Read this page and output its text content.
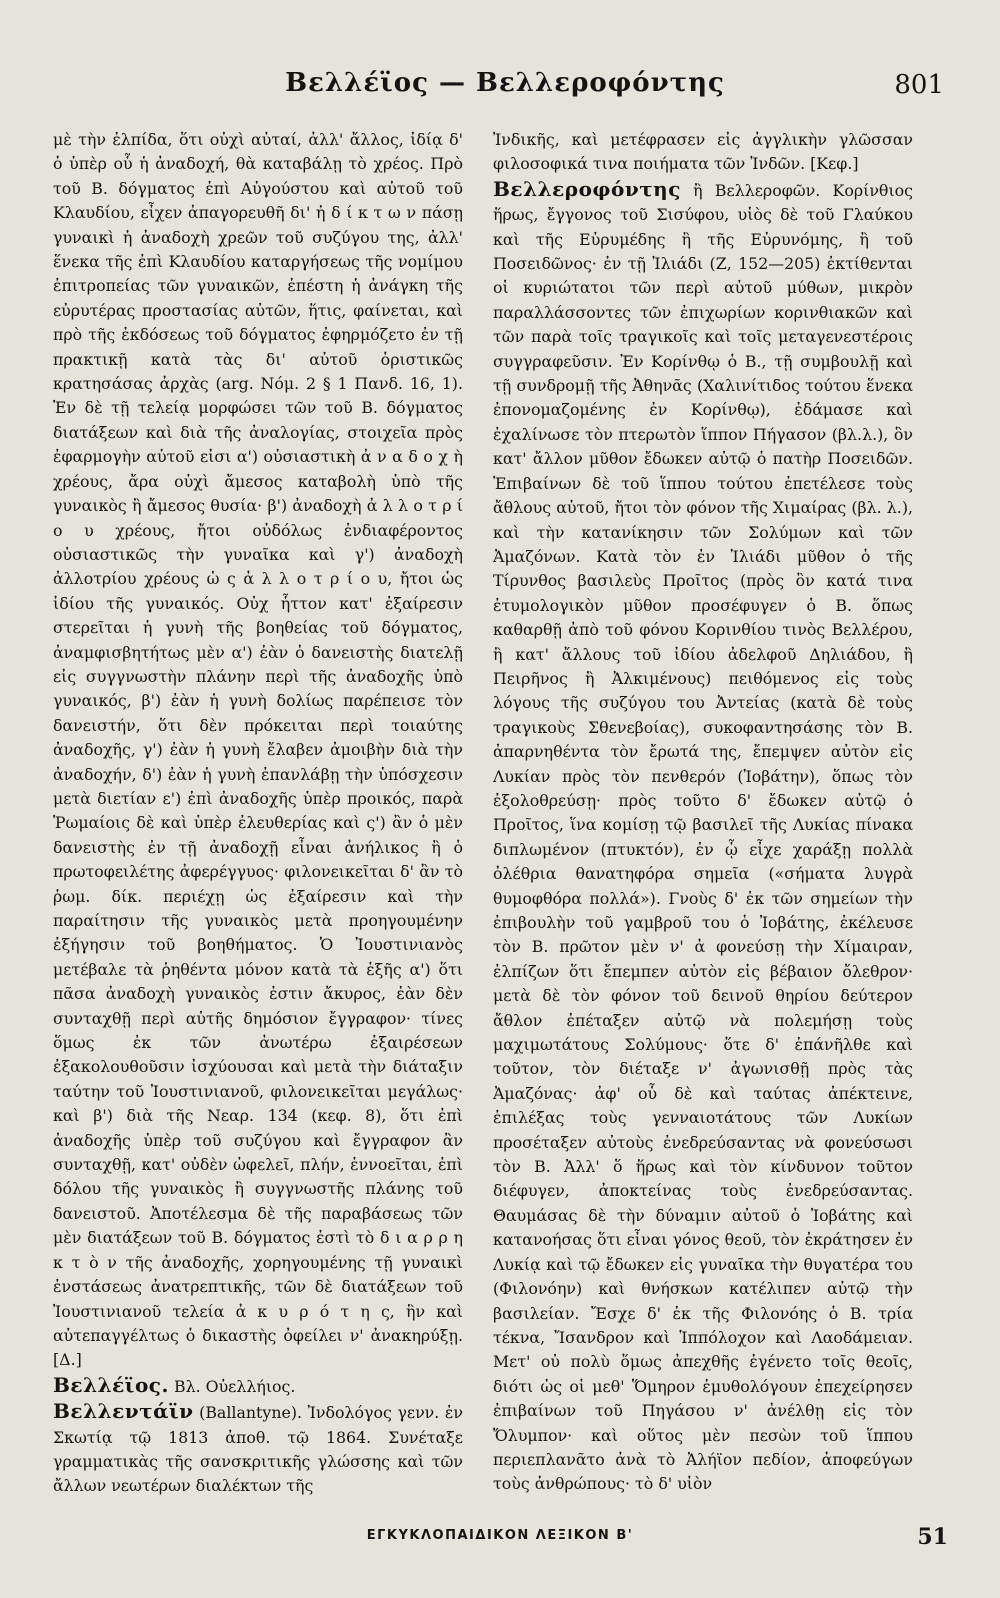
Βελλέϊος — Βελλεροφόντης	801

μὲ τὴν ἐλπίδα, ὅτι οὐχὶ αὐταί, ἀλλ' ἄλλος, ἰδίᾳ δ' ὁ ὑπὲρ οὗ ἡ ἀναδοχή, θὰ καταβάλῃ τὸ χρέος. Πρὸ τοῦ Β. δόγματος ἐπὶ Αὐγούστου καὶ αὐτοῦ τοῦ Κλαυδίου, εἶχεν ἀπαγορευθῆ δι' ἠ δ ί κ τ ω ν πάσῃ γυναικὶ ἡ ἀναδοχὴ χρεῶν τοῦ συζύγου της, ἀλλ' ἕνεκα τῆς ἐπὶ Κλαυδίου καταργήσεως τῆς νομίμου ἐπιτροπείας τῶν γυναικῶν, ἐπέστη ἡ ἀνάγκη τῆς εὐρυτέρας προστασίας αὐτῶν, ἥτις, φαίνεται, καὶ πρὸ τῆς ἐκδόσεως τοῦ δόγματος ἐφηρμόζετο ἐν τῇ πρακτικῇ κατὰ τὰς δι' αὐτοῦ ὁριστικῶς κρατησάσας ἀρχὰς (arg. Νόμ. 2 § 1 Πανδ. 16, 1). Ἐν δὲ τῇ τελείᾳ μορφώσει τῶν τοῦ Β. δόγματος διατάξεων καὶ διὰ τῆς ἀναλογίας, στοιχεῖα πρὸς ἐφαρμογὴν αὐτοῦ εἰσι α') οὐσιαστικὴ ἀ ν α δ ο χ ὴ χρέους, ἄρα οὐχὶ ἄμεσος καταβολὴ ὑπὸ τῆς γυναικὸς ἢ ἄμεσος θυσία· β') ἀναδοχὴ ἀ λ λ ο τ ρ ί ο υ χρέους, ἤτοι οὐδόλως ἐνδιαφέροντος οὐσιαστικῶς τὴν γυναῖκα καὶ γ') ἀναδοχὴ ἀλλοτρίου χρέους ὡ ς ἀ λ λ ο τ ρ ί ο υ, ἤτοι ὡς ἰδίου τῆς γυναικός. Οὐχ ἧττον κατ' ἐξαίρεσιν στερεῖται ἡ γυνὴ τῆς βοηθείας τοῦ δόγματος, ἀναμφισβητήτως μὲν α') ἐὰν ὁ δανειστὴς διατελῇ εἰς συγγνωστὴν πλάνην περὶ τῆς ἀναδοχῆς ὑπὸ γυναικός, β') ἐὰν ἡ γυνὴ δολίως παρέπεισε τὸν δανειστήν, ὅτι δὲν πρόκειται περὶ τοιαύτης ἀναδοχῆς, γ') ἐὰν ἡ γυνὴ ἔλαβεν ἀμοιβὴν διὰ τὴν ἀναδοχήν, δ') ἐὰν ἡ γυνὴ ἐπανλάβῃ τὴν ὑπόσχεσιν μετὰ διετίαν ε') ἐπὶ ἀναδοχῆς ὑπὲρ προικός, παρὰ Ῥωμαίοις δὲ καὶ ὑπὲρ ἐλευθερίας καὶ ς') ἂν ὁ μὲν δανειστὴς ἐν τῇ ἀναδοχῇ εἶναι ἀνήλικος ἢ ὁ πρωτοφειλέτης ἀφερέγγυος· φιλονεικεῖται δ' ἂν τὸ ῥωμ. δίκ. περιέχῃ ὡς ἐξαίρεσιν καὶ τὴν παραίτησιν τῆς γυναικὸς μετὰ προηγουμένην ἐξήγησιν τοῦ βοηθήματος. Ὁ Ἰουστινιανὸς μετέβαλε τὰ ῥηθέντα μόνον κατὰ τὰ ἑξῆς α') ὅτι πᾶσα ἀναδοχὴ γυναικὸς ἐστιν ἄκυρος, ἐὰν δὲν συνταχθῇ περὶ αὐτῆς δημόσιον ἔγγραφον· τίνες ὅμως ἐκ τῶν ἀνωτέρω ἐξαιρέσεων ἐξακολουθοῦσιν ἰσχύουσαι καὶ μετὰ τὴν διάταξιν ταύτην τοῦ Ἰουστινιανοῦ, φιλονεικεῖται μεγάλως· καὶ β') διὰ τῆς Νεαρ. 134 (κεφ. 8), ὅτι ἐπὶ ἀναδοχῆς ὑπὲρ τοῦ συζύγου καὶ ἔγγραφον ἂν συνταχθῇ, κατ' οὐδὲν ὠφελεῖ, πλήν, ἐννοεῖται, ἐπὶ δόλου τῆς γυναικὸς ἢ συγγνωστῆς πλάνης τοῦ δανειστοῦ. Ἀποτέλεσμα δὲ τῆς παραβάσεως τῶν μὲν διατάξεων τοῦ Β. δόγματος ἐστὶ τὸ δ ι α ρ ρ η κ τ ὸ ν τῆς ἀναδοχῆς, χορηγουμένης τῇ γυναικὶ ἐνστάσεως ἀνατρεπτικῆς, τῶν δὲ διατάξεων τοῦ Ἰουστινιανοῦ τελεία ἀ κ υ ρ ό τ η ς, ἣν καὶ αὐτεπαγγέλτως ὁ δικαστὴς ὀφείλει ν' ἀνακηρύξῃ. [Δ.]

Βελλέϊος. Βλ. Οὐελλήιος.

Βελλεντάϊν (Ballantyne). Ἰνδολόγος γενν. ἐν Σκωτίᾳ τῷ 1813 ἀποθ. τῷ 1864. Συνέταξε γραμματικὰς τῆς σανσκριτικῆς γλώσσης καὶ τῶν ἄλλων νεωτέρων διαλέκτων τῆς

Ἰνδικῆς, καὶ μετέφρασεν εἰς ἀγγλικὴν γλῶσσαν φιλοσοφικά τινα ποιήματα τῶν Ἰνδῶν. [Κεφ.]

Βελλεροφόντης ἢ Βελλεροφῶν. Κορίνθιος ἥρως, ἔγγονος τοῦ Σισύφου, υἱὸς δὲ τοῦ Γλαύκου καὶ τῆς Εὐρυμέδης ἢ τῆς Εὐρυνόμης, ἢ τοῦ Ποσειδῶνος· ἐν τῇ Ἰλιάδι (Ζ, 152—205) ἐκτίθενται οἱ κυριώτατοι τῶν περὶ αὐτοῦ μύθων, μικρὸν παραλλάσσοντες τῶν ἐπιχωρίων κορινθιακῶν καὶ τῶν παρὰ τοῖς τραγικοῖς καὶ τοῖς μεταγενεστέροις συγγραφεῦσιν. Ἐν Κορίνθῳ ὁ Β., τῇ συμβουλῇ καὶ τῇ συνδρομῇ τῆς Ἀθηνᾶς (Χαλινίτιδος τούτου ἕνεκα ἐπονομαζομένης ἐν Κορίνθῳ), ἐδάμασε καὶ ἐχαλίνωσε τὸν πτερωτὸν ἵππον Πήγασον (βλ.λ.), ὃν κατ' ἄλλον μῦθον ἔδωκεν αὐτῷ ὁ πατὴρ Ποσειδῶν. Ἐπιβαίνων δὲ τοῦ ἵππου τούτου ἐπετέλεσε τοὺς ἄθλους αὐτοῦ, ἤτοι τὸν φόνον τῆς Χιμαίρας (βλ. λ.), καὶ τὴν κατανίκησιν τῶν Σολύμων καὶ τῶν Ἀμαζόνων. Κατὰ τὸν ἐν Ἰλιάδι μῦθον ὁ τῆς Τίρυνθος βασιλεὺς Προῖτος (πρὸς ὃν κατά τινα ἐτυμολογικὸν μῦθον προσέφυγεν ὁ Β. ὅπως καθαρθῇ ἀπὸ τοῦ φόνου Κορινθίου τινὸς Βελλέρου, ἢ κατ' ἄλλους τοῦ ἰδίου ἀδελφοῦ Δηλιάδου, ἢ Πειρῆνος ἢ Ἀλκιμένους) πειθόμενος εἰς τοὺς λόγους τῆς συζύγου του Ἀντείας (κατὰ δὲ τοὺς τραγικοὺς Σθενεβοίας), συκοφαντησάσης τὸν Β. ἀπαρνηθέντα τὸν ἔρωτά της, ἔπεμψεν αὐτὸν εἰς Λυκίαν πρὸς τὸν πενθερόν (Ἰοβάτην), ὅπως τὸν ἐξολοθρεύσῃ· πρὸς τοῦτο δ' ἔδωκεν αὐτῷ ὁ Προῖτος, ἵνα κομίσῃ τῷ βασιλεῖ τῆς Λυκίας πίνακα διπλωμένον (πτυκτόν), ἐν ᾧ εἶχε χαράξῃ πολλὰ ὀλέθρια θανατηφόρα σημεῖα («σήματα λυγρὰ θυμοφθόρα πολλά»). Γνοὺς δ' ἐκ τῶν σημείων τὴν ἐπιβουλὴν τοῦ γαμβροῦ του ὁ Ἰοβάτης, ἐκέλευσε τὸν Β. πρῶτον μὲν ν' ἀ φονεύσῃ τὴν Χίμαιραν, ἐλπίζων ὅτι ἔπεμπεν αὐτὸν εἰς βέβαιον ὄλεθρον· μετὰ δὲ τὸν φόνον τοῦ δεινοῦ θηρίου δεύτερον ἄθλον ἐπέταξεν αὐτῷ νὰ πολεμήσῃ τοὺς μαχιμωτάτους Σολύμους· ὅτε δ' ἐπάνῆλθε καὶ τοῦτον, τὸν διέταξε ν' ἀγωνισθῇ πρὸς τὰς Ἀμαζόνας· ἀφ' οὗ δὲ καὶ ταύτας ἀπέκτεινε, ἐπιλέξας τοὺς γενναιοτάτους τῶν Λυκίων προσέταξεν αὐτοὺς ἐνεδρεύσαντας νὰ φονεύσωσι τὸν Β. Ἀλλ' ὅ ἥρως καὶ τὸν κίνδυνον τοῦτον διέφυγεν, ἀποκτείνας τοὺς ἐνεδρεύσαντας. Θαυμάσας δὲ τὴν δύναμιν αὐτοῦ ὁ Ἰοβάτης καὶ κατανοήσας ὅτι εἶναι γόνος θεοῦ, τὸν ἐκράτησεν ἐν Λυκίᾳ καὶ τῷ ἔδωκεν εἰς γυναῖκα τὴν θυγατέρα του (Φιλονόην) καὶ θνήσκων κατέλιπεν αὐτῷ τὴν βασιλείαν. Ἔσχε δ' ἐκ τῆς Φιλονόης ὁ Β. τρία τέκνα, Ἴσανδρον καὶ Ἱππόλοχον καὶ Λαοδάμειαν. Μετ' οὐ πολὺ ὅμως ἀπεχθῆς ἐγένετο τοῖς θεοῖς, διότι ὡς οἱ μεθ' Ὅμηρον ἐμυθολόγουν ἐπεχείρησεν ἐπιβαίνων τοῦ Πηγάσου ν' ἀνέλθῃ εἰς τὸν Ὄλυμπον· καὶ οὕτος μὲν πεσὼν τοῦ ἵππου περιεπλανᾶτο ἀνὰ τὸ Ἀλήϊον πεδίον, ἀποφεύγων τοὺς ἀνθρώπους· τὸ δ' υἱὸν

ΕΓΚΥΚΛΟΠΑΙΔΙΚΟΝ ΛΕΞΙΚΟΝ Β'	51
